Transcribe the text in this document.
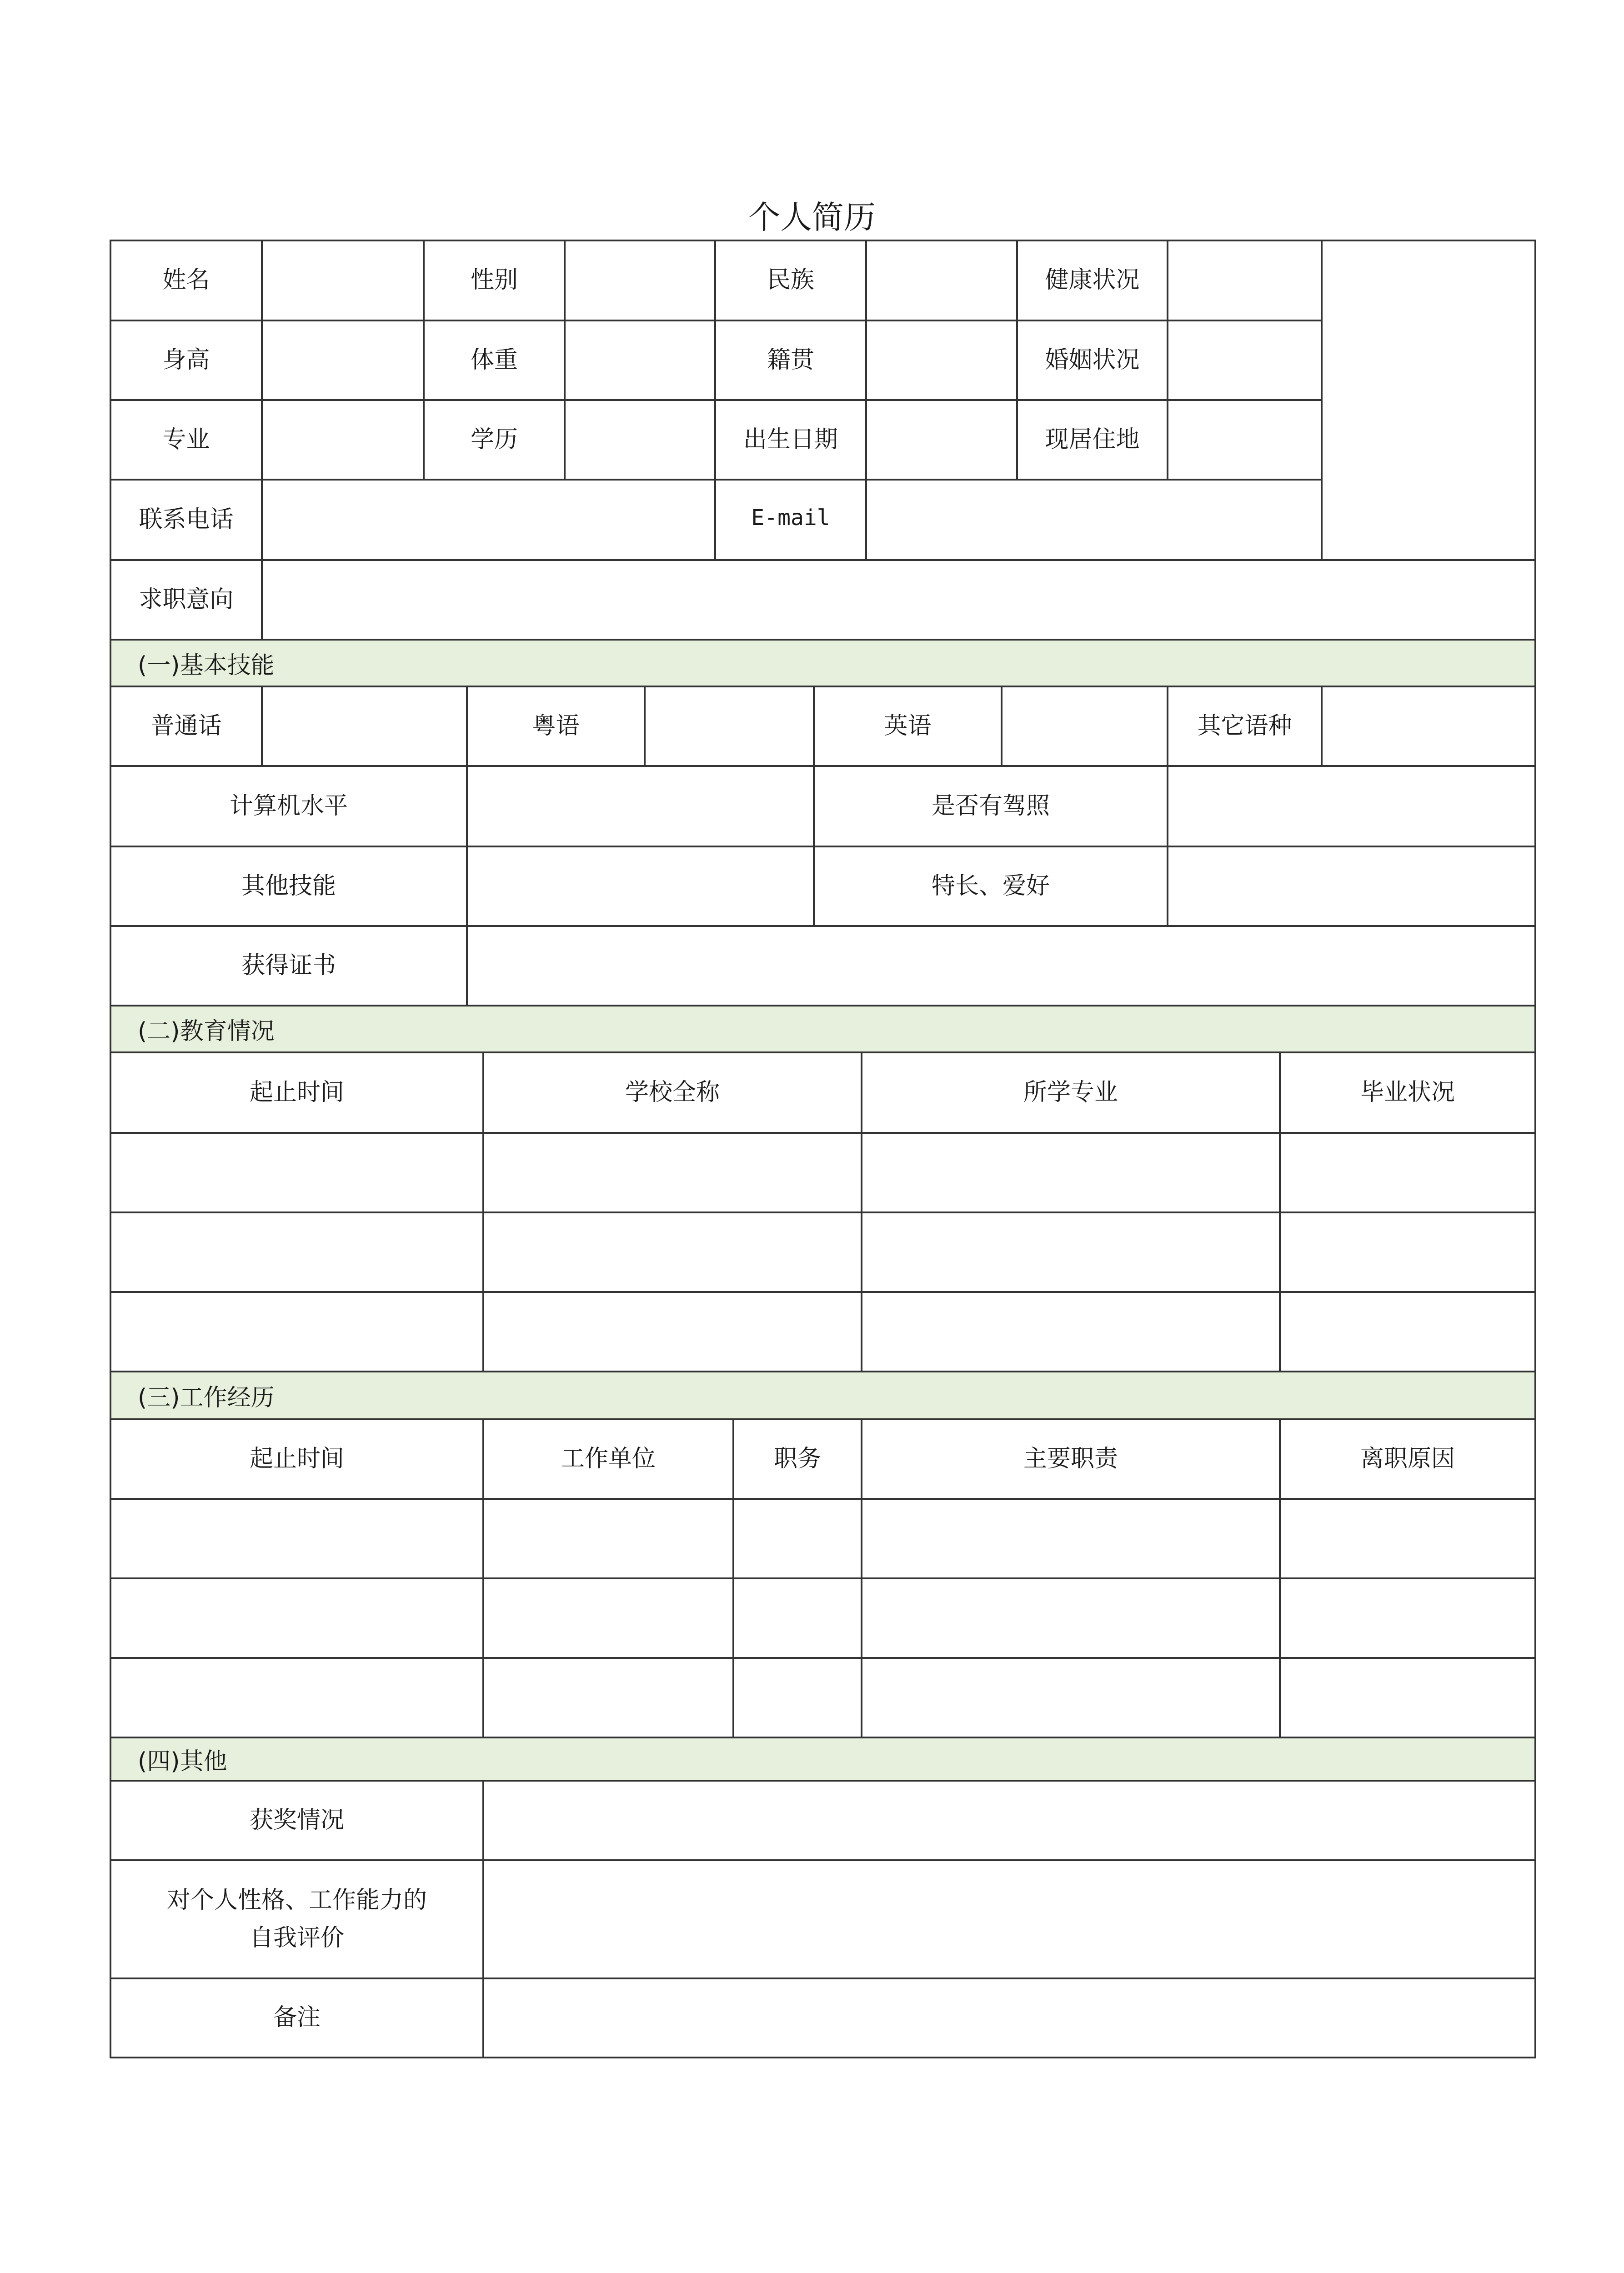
个人简历
(一)基本技能
(二)教育情况
(三)工作经历
(四)其他
姓名	性别	民族	健康状况
身高	体重	籍贯	婚姻状况
专业	学历	出生日期	现居住地
联系电话	E-mail
求职意向
普通话	粤语	英语	其它语种
计算机水平	是否有驾照
其他技能	特长、爱好
获得证书
起止时间	学校全称	所学专业	毕业状况
起止时间	工作单位	职务	主要职责	离职原因
获奖情况
对个人性格、工作能力的
自我评价
备注
